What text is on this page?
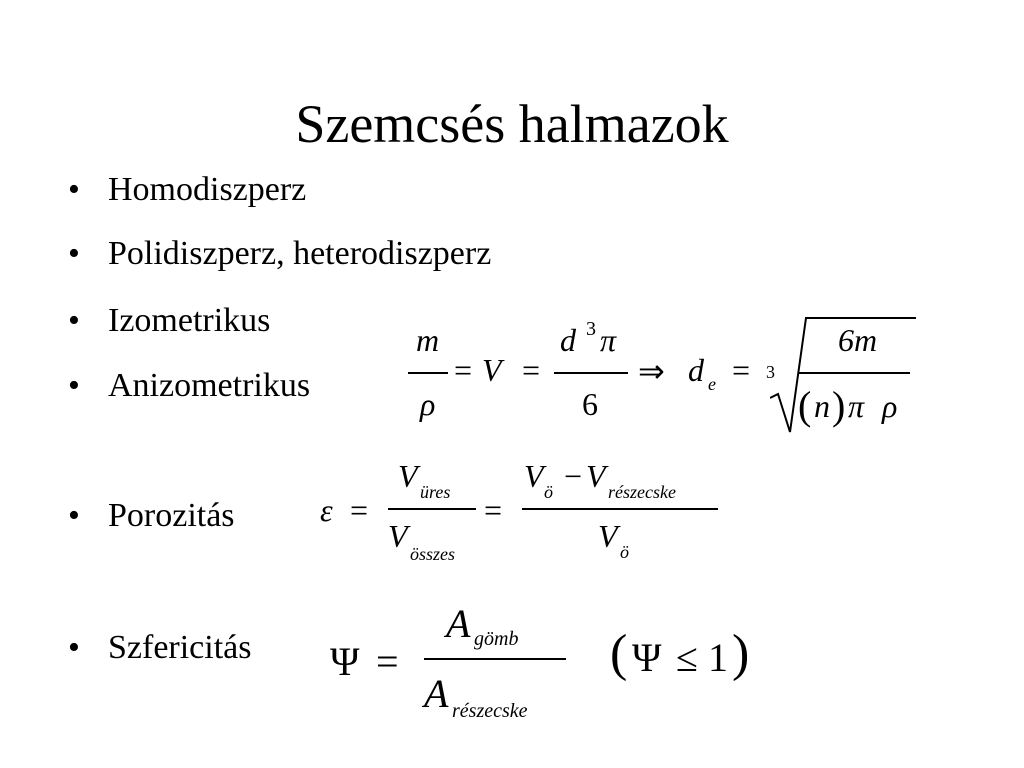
Szemcsés halmazok
• Homodiszperz
• Polidiszperz, heterodiszperz
• Izometrikus
• Anizometrikus
• Porozitás
• Szfericitás
m
ρ
= V =
d 3 π
6
⇒ d e = 3
6m
( n ) π ρ
ε =
V üres
V összes
=
V ö − V részecske
V ö
Ψ =
A gömb
A részecske
( Ψ ≤ 1 )
